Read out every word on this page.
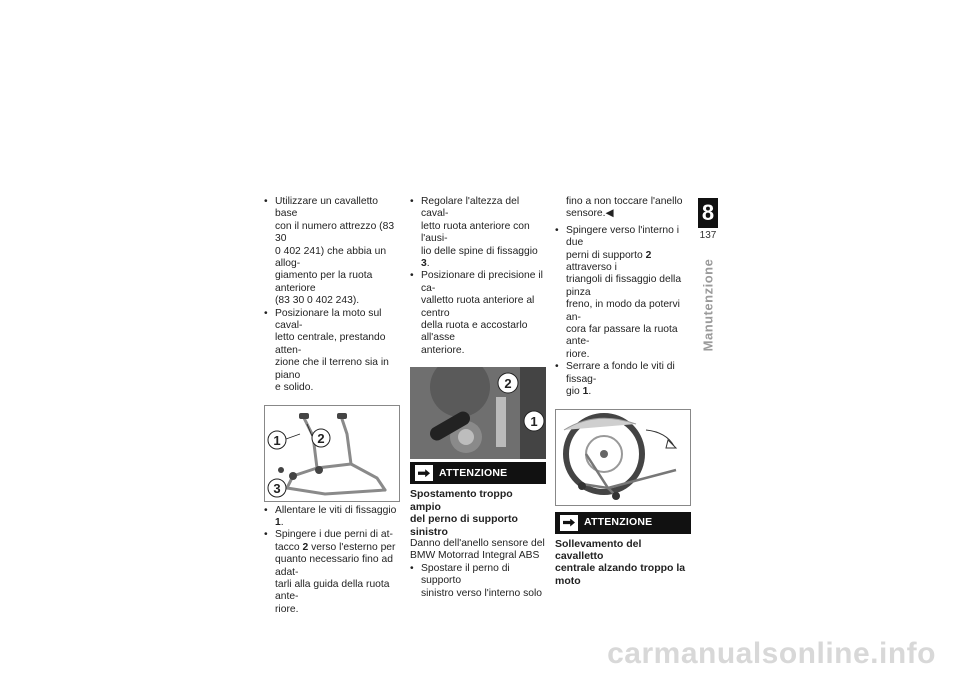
• Utilizzare un cavalletto base
con il numero attrezzo (83 30
0 402 241) che abbia un allog-
giamento per la ruota anteriore
(83 30 0 402 243).
• Posizionare la moto sul caval-
letto centrale, prestando atten-
zione che il terreno sia in piano
e solido.
1	2
3
• Allentare le viti di fissaggio 1.
• Spingere i due perni di at-
tacco 2 verso l'esterno per
quanto necessario fino ad adat-
tarli alla guida della ruota ante-
riore.
• Regolare l'altezza del caval-
letto ruota anteriore con l'ausi-
lio delle spine di fissaggio 3.
• Posizionare di precisione il ca-
valletto ruota anteriore al centro
della ruota e accostarlo all'asse
anteriore.
2
1
ATTENZIONE
Spostamento troppo ampio
del perno di supporto sinistro
Danno dell'anello sensore del
BMW Motorrad Integral ABS
• Spostare il perno di supporto
sinistro verso l'interno solo
fino a non toccare l'anello
sensore.◀
• Spingere verso l'interno i due
perni di supporto 2 attraverso i
triangoli di fissaggio della pinza
freno, in modo da potervi an-
cora far passare la ruota ante-
riore.
• Serrare a fondo le viti di fissag-
gio 1.
ATTENZIONE
Sollevamento del cavalletto
centrale alzando troppo la
moto
8
137
Manutenzione
carmanualsonline.info
